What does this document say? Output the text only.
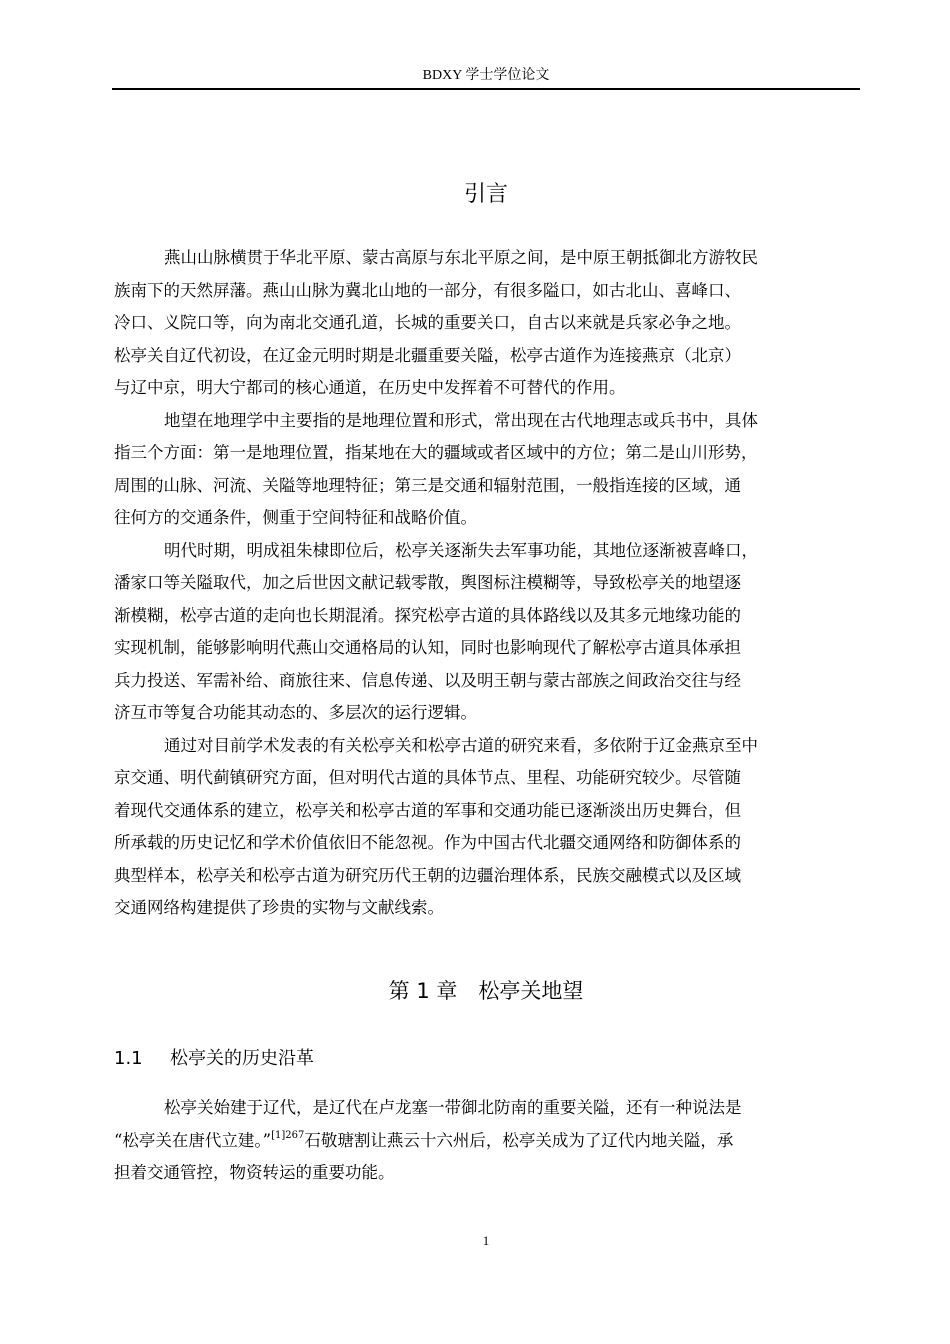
BDXY 学士学位论文
引言
燕山山脉横贯于华北平原、蒙古高原与东北平原之间，是中原王朝抵御北方游牧民
族南下的天然屏藩。燕山山脉为冀北山地的一部分，有很多隘口，如古北山、喜峰口、
冷口、义院口等，向为南北交通孔道，长城的重要关口，自古以来就是兵家必争之地。
松亭关自辽代初设，在辽金元明时期是北疆重要关隘，松亭古道作为连接燕京（北京）
与辽中京，明大宁都司的核心通道，在历史中发挥着不可替代的作用。
地望在地理学中主要指的是地理位置和形式，常出现在古代地理志或兵书中，具体
指三个方面：第一是地理位置，指某地在大的疆域或者区域中的方位；第二是山川形势，
周围的山脉、河流、关隘等地理特征；第三是交通和辐射范围，一般指连接的区域，通
往何方的交通条件，侧重于空间特征和战略价值。
明代时期，明成祖朱棣即位后，松亭关逐渐失去军事功能，其地位逐渐被喜峰口，
潘家口等关隘取代，加之后世因文献记载零散，舆图标注模糊等，导致松亭关的地望逐
渐模糊，松亭古道的走向也长期混淆。探究松亭古道的具体路线以及其多元地缘功能的
实现机制，能够影响明代燕山交通格局的认知，同时也影响现代了解松亭古道具体承担
兵力投送、军需补给、商旅往来、信息传递、以及明王朝与蒙古部族之间政治交往与经
济互市等复合功能其动态的、多层次的运行逻辑。
通过对目前学术发表的有关松亭关和松亭古道的研究来看，多依附于辽金燕京至中
京交通、明代蓟镇研究方面，但对明代古道的具体节点、里程、功能研究较少。尽管随
着现代交通体系的建立，松亭关和松亭古道的军事和交通功能已逐渐淡出历史舞台，但
所承载的历史记忆和学术价值依旧不能忽视。作为中国古代北疆交通网络和防御体系的
典型样本，松亭关和松亭古道为研究历代王朝的边疆治理体系，民族交融模式以及区域
交通网络构建提供了珍贵的实物与文献线索。
第 1 章　松亭关地望
1.1 松亭关的历史沿革
松亭关始建于辽代，是辽代在卢龙塞一带御北防南的重要关隘，还有一种说法是
“松亭关在唐代立建。”$^{[1]267}$石敬瑭割让燕云十六州后，松亭关成为了辽代内地关隘，承
担着交通管控，物资转运的重要功能。
1
